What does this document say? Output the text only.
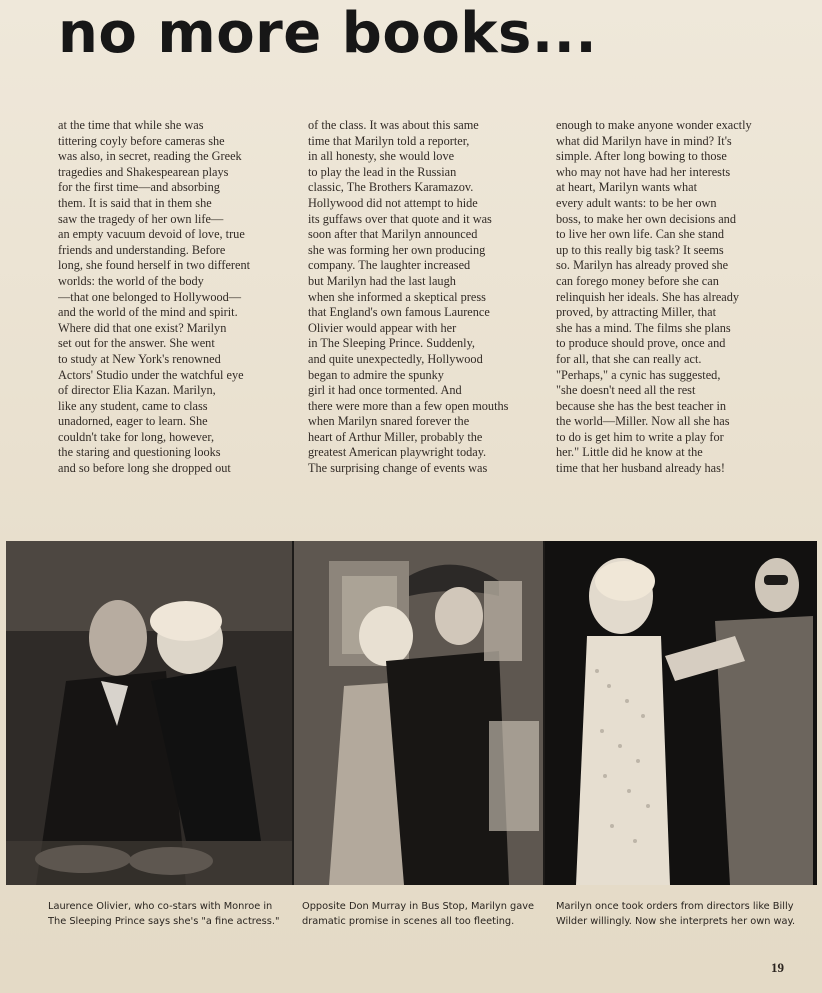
no more books...
at the time that while she was
tittering coyly before cameras she
was also, in secret, reading the Greek
tragedies and Shakespearean plays
for the first time—and absorbing
them. It is said that in them she
saw the tragedy of her own life—
an empty vacuum devoid of love, true
friends and understanding. Before
long, she found herself in two different
worlds: the world of the body
—that one belonged to Hollywood—
and the world of the mind and spirit.
Where did that one exist? Marilyn
set out for the answer. She went
to study at New York's renowned
Actors' Studio under the watchful eye
of director Elia Kazan. Marilyn,
like any student, came to class
unadorned, eager to learn. She
couldn't take for long, however,
the staring and questioning looks
and so before long she dropped out
of the class. It was about this same
time that Marilyn told a reporter,
in all honesty, she would love
to play the lead in the Russian
classic, The Brothers Karamazov.
Hollywood did not attempt to hide
its guffaws over that quote and it was
soon after that Marilyn announced
she was forming her own producing
company. The laughter increased
but Marilyn had the last laugh
when she informed a skeptical press
that England's own famous Laurence
Olivier would appear with her
in The Sleeping Prince. Suddenly,
and quite unexpectedly, Hollywood
began to admire the spunky
girl it had once tormented. And
there were more than a few open mouths
when Marilyn snared forever the
heart of Arthur Miller, probably the
greatest American playwright today.
The surprising change of events was
enough to make anyone wonder exactly
what did Marilyn have in mind? It's
simple. After long bowing to those
who may not have had her interests
at heart, Marilyn wants what
every adult wants: to be her own
boss, to make her own decisions and
to live her own life. Can she stand
up to this really big task? It seems
so. Marilyn has already proved she
can forego money before she can
relinquish her ideals. She has already
proved, by attracting Miller, that
she has a mind. The films she plans
to produce should prove, once and
for all, that she can really act.
"Perhaps," a cynic has suggested,
"she doesn't need all the rest
because she has the best teacher in
the world—Miller. Now all she has
to do is get him to write a play for
her." Little did he know at the
time that her husband already has!
Laurence Olivier, who co-stars with Monroe in
The Sleeping Prince says she's "a fine actress."
Opposite Don Murray in Bus Stop, Marilyn gave
dramatic promise in scenes all too fleeting.
Marilyn once took orders from directors like Billy
Wilder willingly. Now she interprets her own way.
19
